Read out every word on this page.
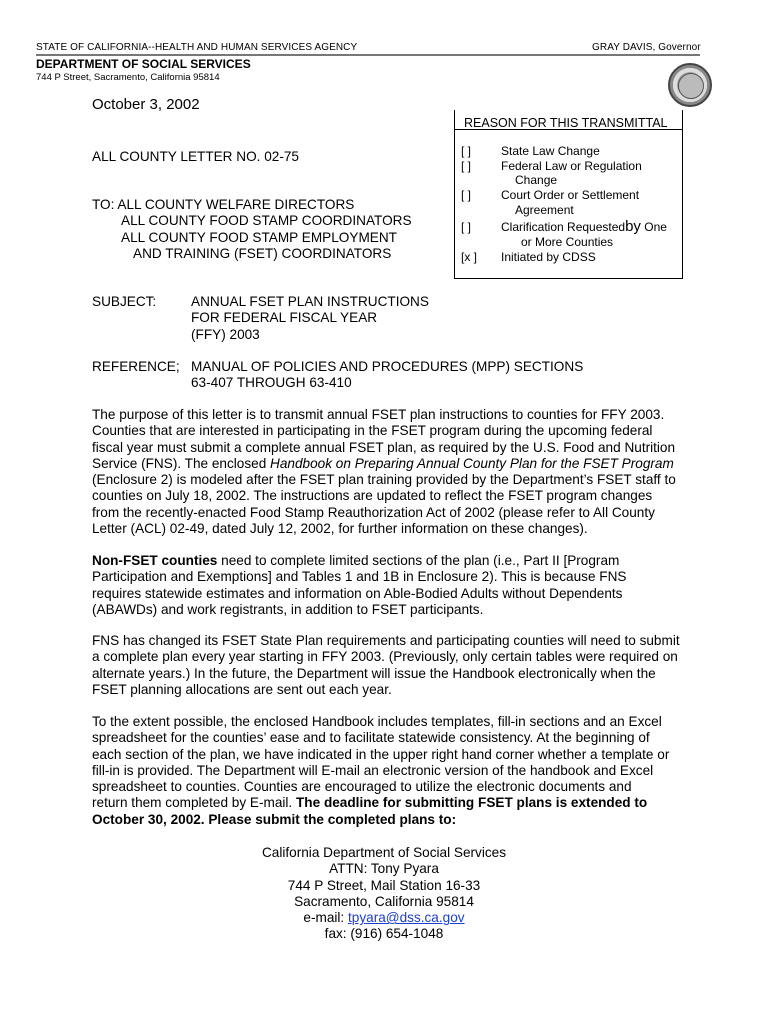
STATE OF CALIFORNIA--HEALTH AND HUMAN SERVICES AGENCY	GRAY DAVIS, Governor
DEPARTMENT OF SOCIAL SERVICES
744 P Street, Sacramento, California 95814
October 3, 2002
ALL COUNTY LETTER NO. 02-75
TO: ALL COUNTY WELFARE DIRECTORS
ALL COUNTY FOOD STAMP COORDINATORS
ALL COUNTY FOOD STAMP EMPLOYMENT
AND TRAINING (FSET) COORDINATORS
REASON FOR THIS TRANSMITTAL
[ ] State Law Change
[ ] Federal Law or Regulation
Change
[ ] Court Order or Settlement
Agreement
[ ] Clarification Requestedby One
or More Counties
[x ] Initiated by CDSS
SUBJECT:	ANNUAL FSET PLAN INSTRUCTIONS
FOR FEDERAL FISCAL YEAR
(FFY) 2003
REFERENCE; MANUAL OF POLICIES AND PROCEDURES (MPP) SECTIONS
63-407 THROUGH 63-410
The purpose of this letter is to transmit annual FSET plan instructions to counties for FFY 2003.
Counties that are interested in participating in the FSET program during the upcoming federal
fiscal year must submit a complete annual FSET plan, as required by the U.S. Food and Nutrition
Service (FNS). The enclosed Handbook on Preparing Annual County Plan for the FSET Program
(Enclosure 2) is modeled after the FSET plan training provided by the Department’s FSET staff to
counties on July 18, 2002. The instructions are updated to reflect the FSET program changes
from the recently-enacted Food Stamp Reauthorization Act of 2002 (please refer to All County
Letter (ACL) 02-49, dated July 12, 2002, for further information on these changes).
Non-FSET counties need to complete limited sections of the plan (i.e., Part II [Program
Participation and Exemptions] and Tables 1 and 1B in Enclosure 2). This is because FNS
requires statewide estimates and information on Able-Bodied Adults without Dependents
(ABAWDs) and work registrants, in addition to FSET participants.
FNS has changed its FSET State Plan requirements and participating counties will need to submit
a complete plan every year starting in FFY 2003. (Previously, only certain tables were required on
alternate years.) In the future, the Department will issue the Handbook electronically when the
FSET planning allocations are sent out each year.
To the extent possible, the enclosed Handbook includes templates, fill-in sections and an Excel
spreadsheet for the counties’ ease and to facilitate statewide consistency. At the beginning of
each section of the plan, we have indicated in the upper right hand corner whether a template or
fill-in is provided. The Department will E-mail an electronic version of the handbook and Excel
spreadsheet to counties. Counties are encouraged to utilize the electronic documents and
return them completed by E-mail. The deadline for submitting FSET plans is extended to
October 30, 2002. Please submit the completed plans to:
California Department of Social Services
ATTN: Tony Pyara
744 P Street, Mail Station 16-33
Sacramento, California 95814
e-mail: tpyara@dss.ca.gov
fax: (916) 654-1048
